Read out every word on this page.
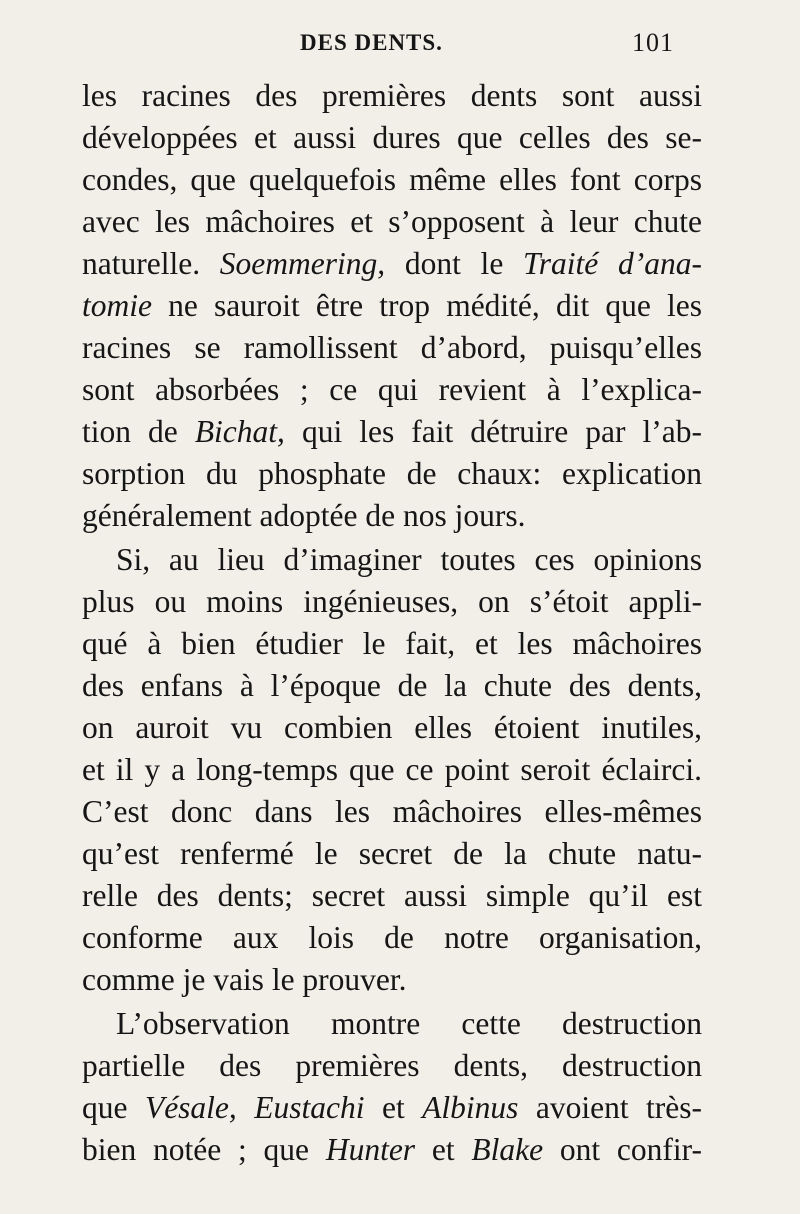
DES DENTS.	101
les racines des premières dents sont aussi
développées et aussi dures que celles des se-
condes, que quelquefois même elles font corps
avec les mâchoires et s’opposent à leur chute
naturelle. Soemmering, dont le Traité d’ana-
tomie ne sauroit être trop médité, dit que les
racines se ramollissent d’abord, puisqu’elles
sont absorbées ; ce qui revient à l’explica-
tion de Bichat, qui les fait détruire par l’ab-
sorption du phosphate de chaux: explication
généralement adoptée de nos jours.
Si, au lieu d’imaginer toutes ces opinions
plus ou moins ingénieuses, on s’étoit appli-
qué à bien étudier le fait, et les mâchoires
des enfans à l’époque de la chute des dents,
on auroit vu combien elles étoient inutiles,
et il y a long-temps que ce point seroit éclairci.
C’est donc dans les mâchoires elles-mêmes
qu’est renfermé le secret de la chute natu-
relle des dents; secret aussi simple qu’il est
conforme aux lois de notre organisation,
comme je vais le prouver.
L’observation montre cette destruction
partielle des premières dents, destruction
que Vésale, Eustachi et Albinus avoient très-
bien notée ; que Hunter et Blake ont confir-
